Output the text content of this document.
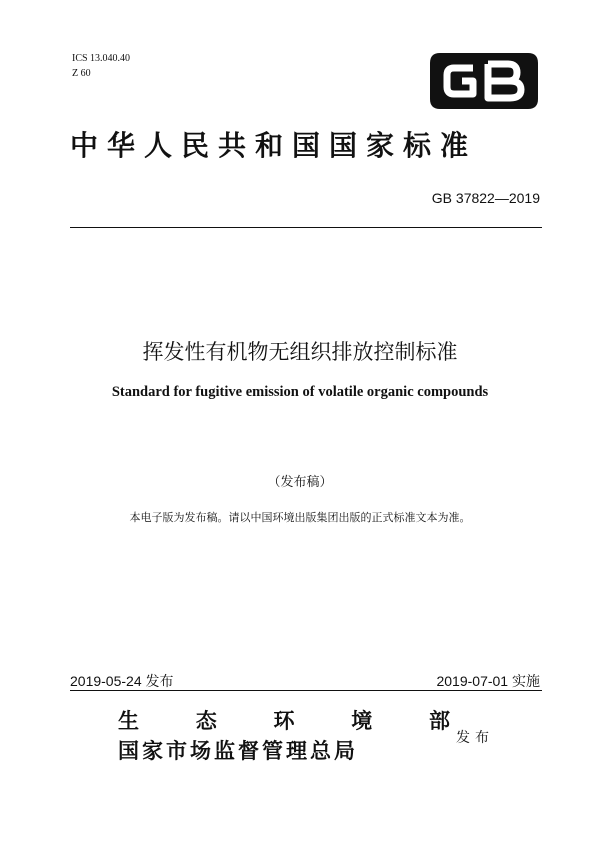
ICS 13.040.40
Z 60
中华人民共和国国家标准
GB 37822—2019
挥发性有机物无组织排放控制标准
Standard for fugitive emission of volatile organic compounds
（发布稿）
本电子版为发布稿。请以中国环境出版集团出版的正式标准文本为准。
2019-05-24 发布	2019-07-01 实施
生	态	环	境	部
国家市场监督管理总局	发布
